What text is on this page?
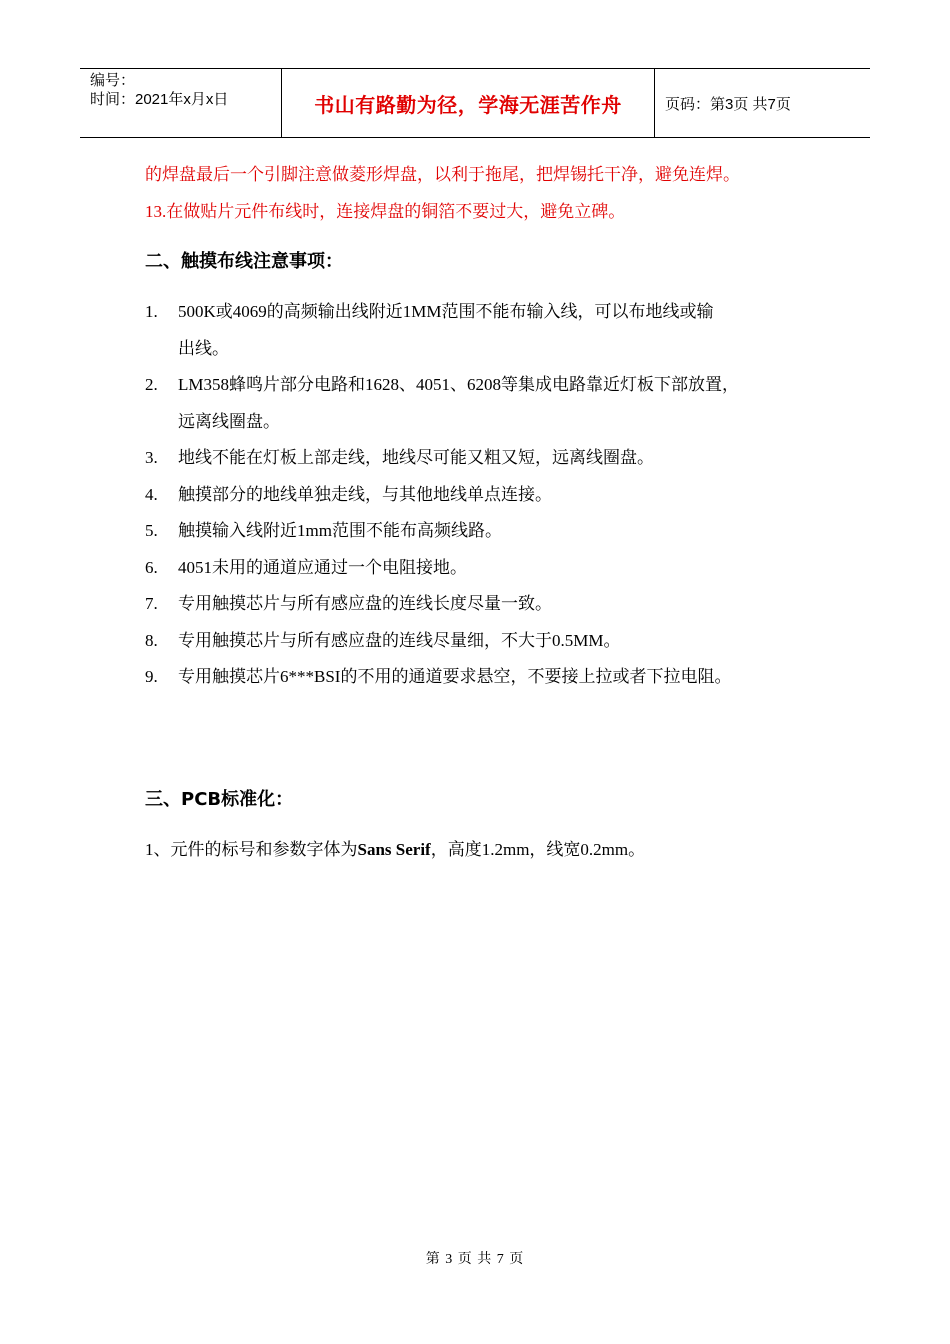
编号：
时间：2021年x月x日	书山有路勤为径，学海无涯苦作舟	页码：第3页 共7页
的焊盘最后一个引脚注意做菱形焊盘，以利于拖尾，把焊锡托干净，避免连焊。
13.在做贴片元件布线时，连接焊盘的铜箔不要过大，避免立碑。
二、触摸布线注意事项：
1. 500K或4069的高频输出线附近1MM范围不能布输入线，可以布地线或输
出线。
2. LM358蜂鸣片部分电路和1628、4051、6208等集成电路靠近灯板下部放置，
远离线圈盘。
3. 地线不能在灯板上部走线，地线尽可能又粗又短，远离线圈盘。
4. 触摸部分的地线单独走线，与其他地线单点连接。
5. 触摸输入线附近1mm范围不能布高频线路。
6. 4051未用的通道应通过一个电阻接地。
7. 专用触摸芯片与所有感应盘的连线长度尽量一致。
8. 专用触摸芯片与所有感应盘的连线尽量细，不大于0.5MM。
9. 专用触摸芯片6***BSI的不用的通道要求悬空，不要接上拉或者下拉电阻。
三、PCB标准化：
1、元件的标号和参数字体为Sans Serif，高度1.2mm，线宽0.2mm。
第 3 页 共 7 页
